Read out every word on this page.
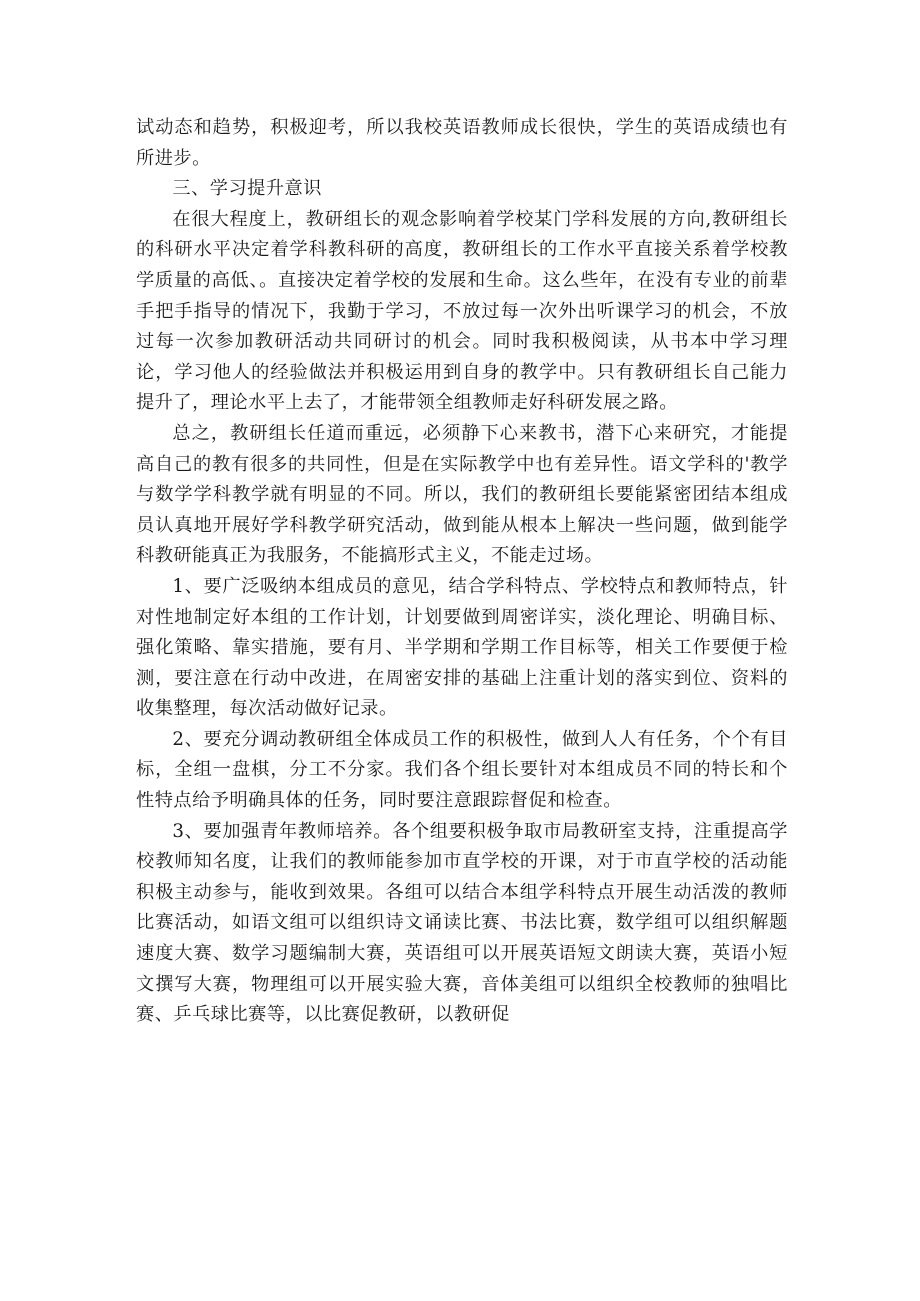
试动态和趋势，积极迎考，所以我校英语教师成长很快，学生的英语成绩也有所进步。

三、学习提升意识

在很大程度上，教研组长的观念影响着学校某门学科发展的方向,教研组长的科研水平决定着学科教科研的高度，教研组长的工作水平直接关系着学校教学质量的高低、。直接决定着学校的发展和生命。这么些年，在没有专业的前辈手把手指导的情况下，我勤于学习，不放过每一次外出听课学习的机会，不放过每一次参加教研活动共同研讨的机会。同时我积极阅读，从书本中学习理论，学习他人的经验做法并积极运用到自身的教学中。只有教研组长自己能力提升了，理论水平上去了，才能带领全组教师走好科研发展之路。

总之，教研组长任道而重远，必须静下心来教书，潜下心来研究，才能提高自己的教有很多的共同性，但是在实际教学中也有差异性。语文学科的'教学与数学学科教学就有明显的不同。所以，我们的教研组长要能紧密团结本组成员认真地开展好学科教学研究活动，做到能从根本上解决一些问题，做到能学科教研能真正为我服务，不能搞形式主义，不能走过场。

1、要广泛吸纳本组成员的意见，结合学科特点、学校特点和教师特点，针对性地制定好本组的工作计划，计划要做到周密详实，淡化理论、明确目标、强化策略、靠实措施，要有月、半学期和学期工作目标等，相关工作要便于检测，要注意在行动中改进，在周密安排的基础上注重计划的落实到位、资料的收集整理，每次活动做好记录。

2、要充分调动教研组全体成员工作的积极性，做到人人有任务，个个有目标，全组一盘棋，分工不分家。我们各个组长要针对本组成员不同的特长和个性特点给予明确具体的任务，同时要注意跟踪督促和检查。

3、要加强青年教师培养。各个组要积极争取市局教研室支持，注重提高学校教师知名度，让我们的教师能参加市直学校的开课，对于市直学校的活动能积极主动参与，能收到效果。各组可以结合本组学科特点开展生动活泼的教师比赛活动，如语文组可以组织诗文诵读比赛、书法比赛，数学组可以组织解题速度大赛、数学习题编制大赛，英语组可以开展英语短文朗读大赛，英语小短文撰写大赛，物理组可以开展实验大赛，音体美组可以组织全校教师的独唱比赛、乒乓球比赛等，以比赛促教研，以教研促
